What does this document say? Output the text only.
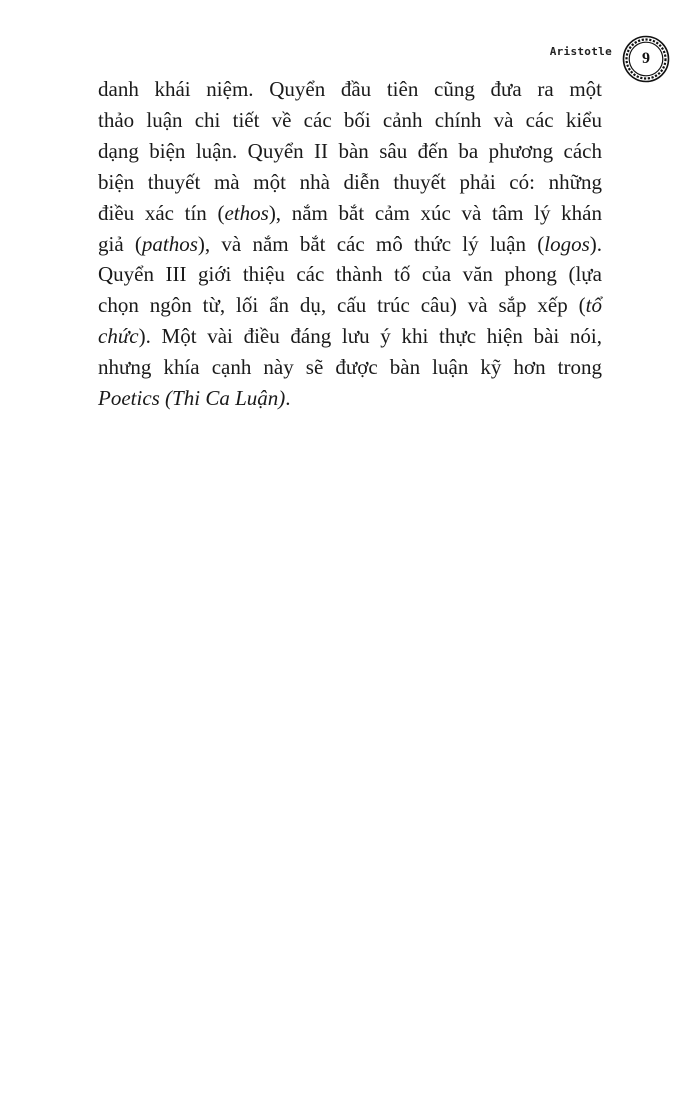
Aristotle	9
danh khái niệm. Quyển đầu tiên cũng đưa ra một
thảo luận chi tiết về các bối cảnh chính và các kiểu
dạng biện luận. Quyển II bàn sâu đến ba phương cách
biện thuyết mà một nhà diễn thuyết phải có: những
điều xác tín (ethos), nắm bắt cảm xúc và tâm lý khán
giả (pathos), và nắm bắt các mô thức lý luận (logos).
Quyển III giới thiệu các thành tố của văn phong (lựa
chọn ngôn từ, lối ẩn dụ, cấu trúc câu) và sắp xếp (tổ
chức). Một vài điều đáng lưu ý khi thực hiện bài nói,
nhưng khía cạnh này sẽ được bàn luận kỹ hơn trong
Poetics (Thi Ca Luận).
